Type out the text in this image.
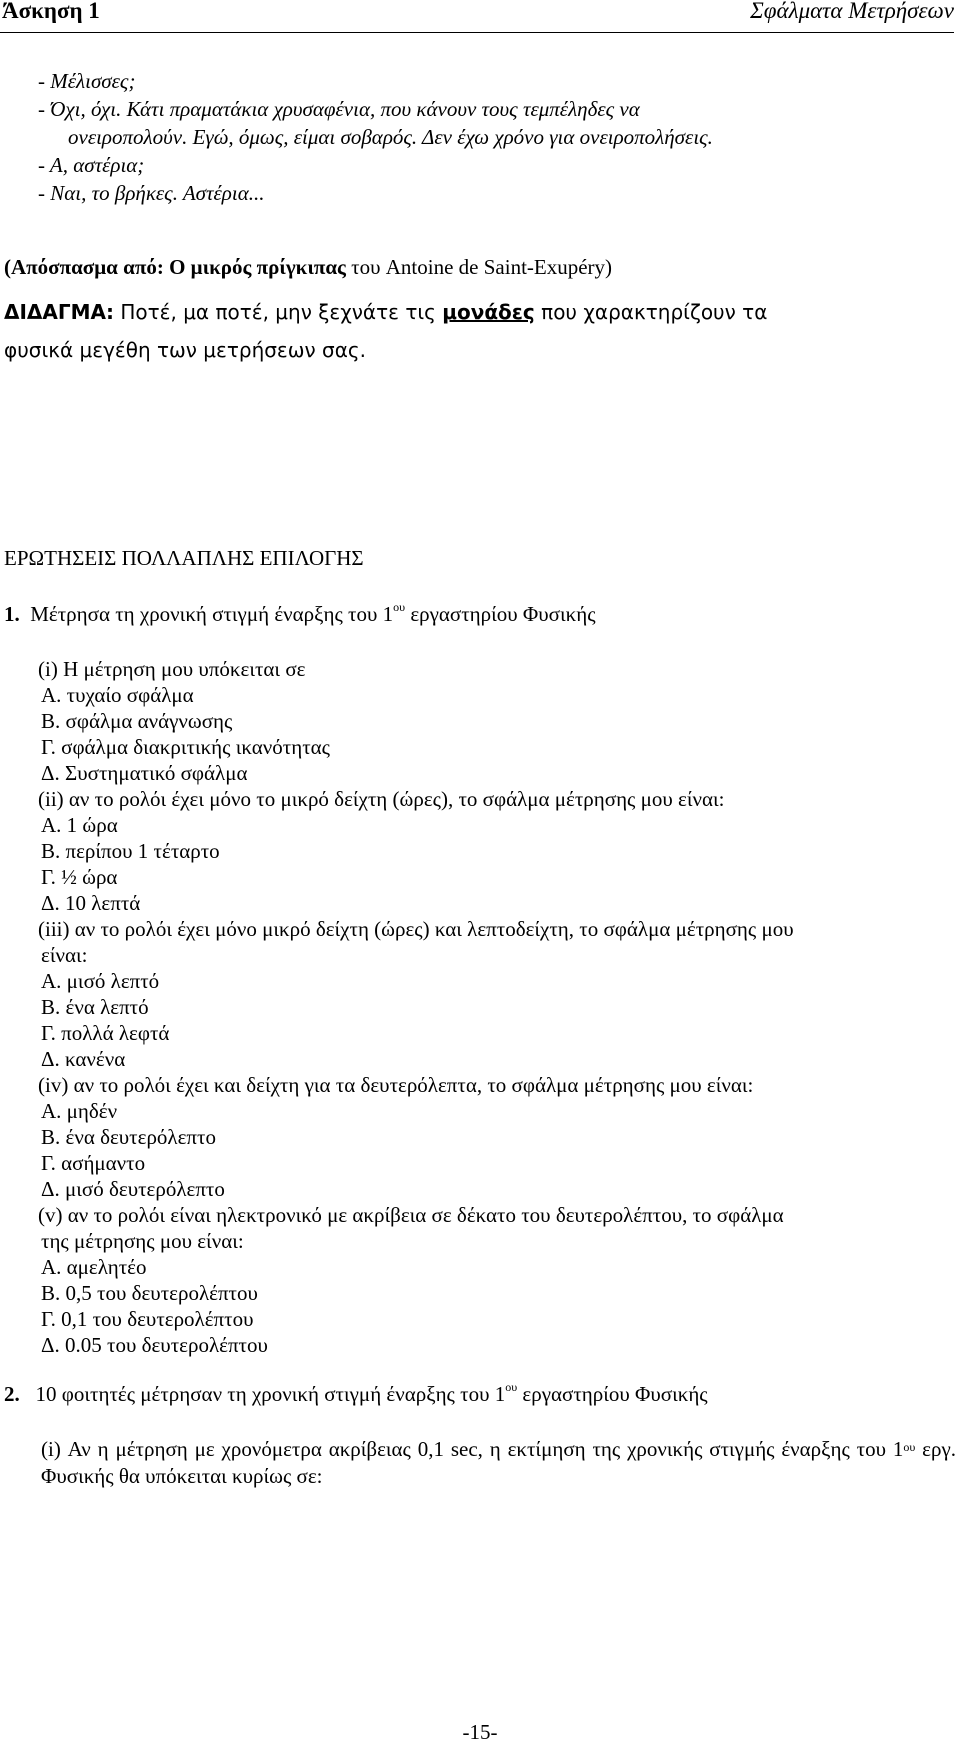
Άσκηση 1	Σφάλματα Μετρήσεων
- Μέλισσες;
- Όχι, όχι. Κάτι πραματάκια χρυσαφένια, που κάνουν τους τεμπέληδες να
ονειροπολούν. Εγώ, όμως, είμαι σοβαρός. Δεν έχω χρόνο για ονειροπολήσεις.
- Α, αστέρια;
- Ναι, το βρήκες. Αστέρια...
(Απόσπασμα από: Ο μικρός πρίγκιπας του Antoine de Saint-Exupéry)
ΔΙΔΑΓΜΑ: Ποτέ, μα ποτέ, μην ξεχνάτε τις μονάδες που χαρακτηρίζουν τα
φυσικά μεγέθη των μετρήσεων σας.
ΕΡΩΤΗΣΕΙΣ ΠΟΛΛΑΠΛΗΣ ΕΠΙΛΟΓΗΣ
1. Μέτρησα τη χρονική στιγμή έναρξης του $1^{o\upsilon}$ εργαστηρίου Φυσικής
(i) Η μέτρηση μου υπόκειται σε
Α. τυχαίο σφάλμα
Β. σφάλμα ανάγνωσης
Γ. σφάλμα διακριτικής ικανότητας
Δ. Συστηματικό σφάλμα
(ii) αν το ρολόι έχει μόνο το μικρό δείχτη (ώρες), το σφάλμα μέτρησης μου είναι:
Α. 1 ώρα
Β. περίπου 1 τέταρτο
Γ. ½ ώρα
Δ. 10 λεπτά
(iii) αν το ρολόι έχει μόνο μικρό δείχτη (ώρες) και λεπτοδείχτη, το σφάλμα μέτρησης μου
είναι:
Α. μισό λεπτό
Β. ένα λεπτό
Γ. πολλά λεφτά
Δ. κανένα
(iv) αν το ρολόι έχει και δείχτη για τα δευτερόλεπτα, το σφάλμα μέτρησης μου είναι:
Α. μηδέν
Β. ένα δευτερόλεπτο
Γ. ασήμαντο
Δ. μισό δευτερόλεπτο
(v) αν το ρολόι είναι ηλεκτρονικό με ακρίβεια σε δέκατο του δευτερολέπτου, το σφάλμα
της μέτρησης μου είναι:
Α. αμελητέο
Β. 0,5 του δευτερολέπτου
Γ. 0,1 του δευτερολέπτου
Δ. 0.05 του δευτερολέπτου
2. 10 φοιτητές μέτρησαν τη χρονική στιγμή έναρξης του $1^{o\upsilon}$ εργαστηρίου Φυσικής
(i) Αν η μέτρηση με χρονόμετρα ακρίβειας 0,1 sec, η εκτίμηση της χρονικής στιγμής έναρξης του $1^{o\upsilon}$ εργ. Φυσικής θα υπόκειται κυρίως σε:
-15-
